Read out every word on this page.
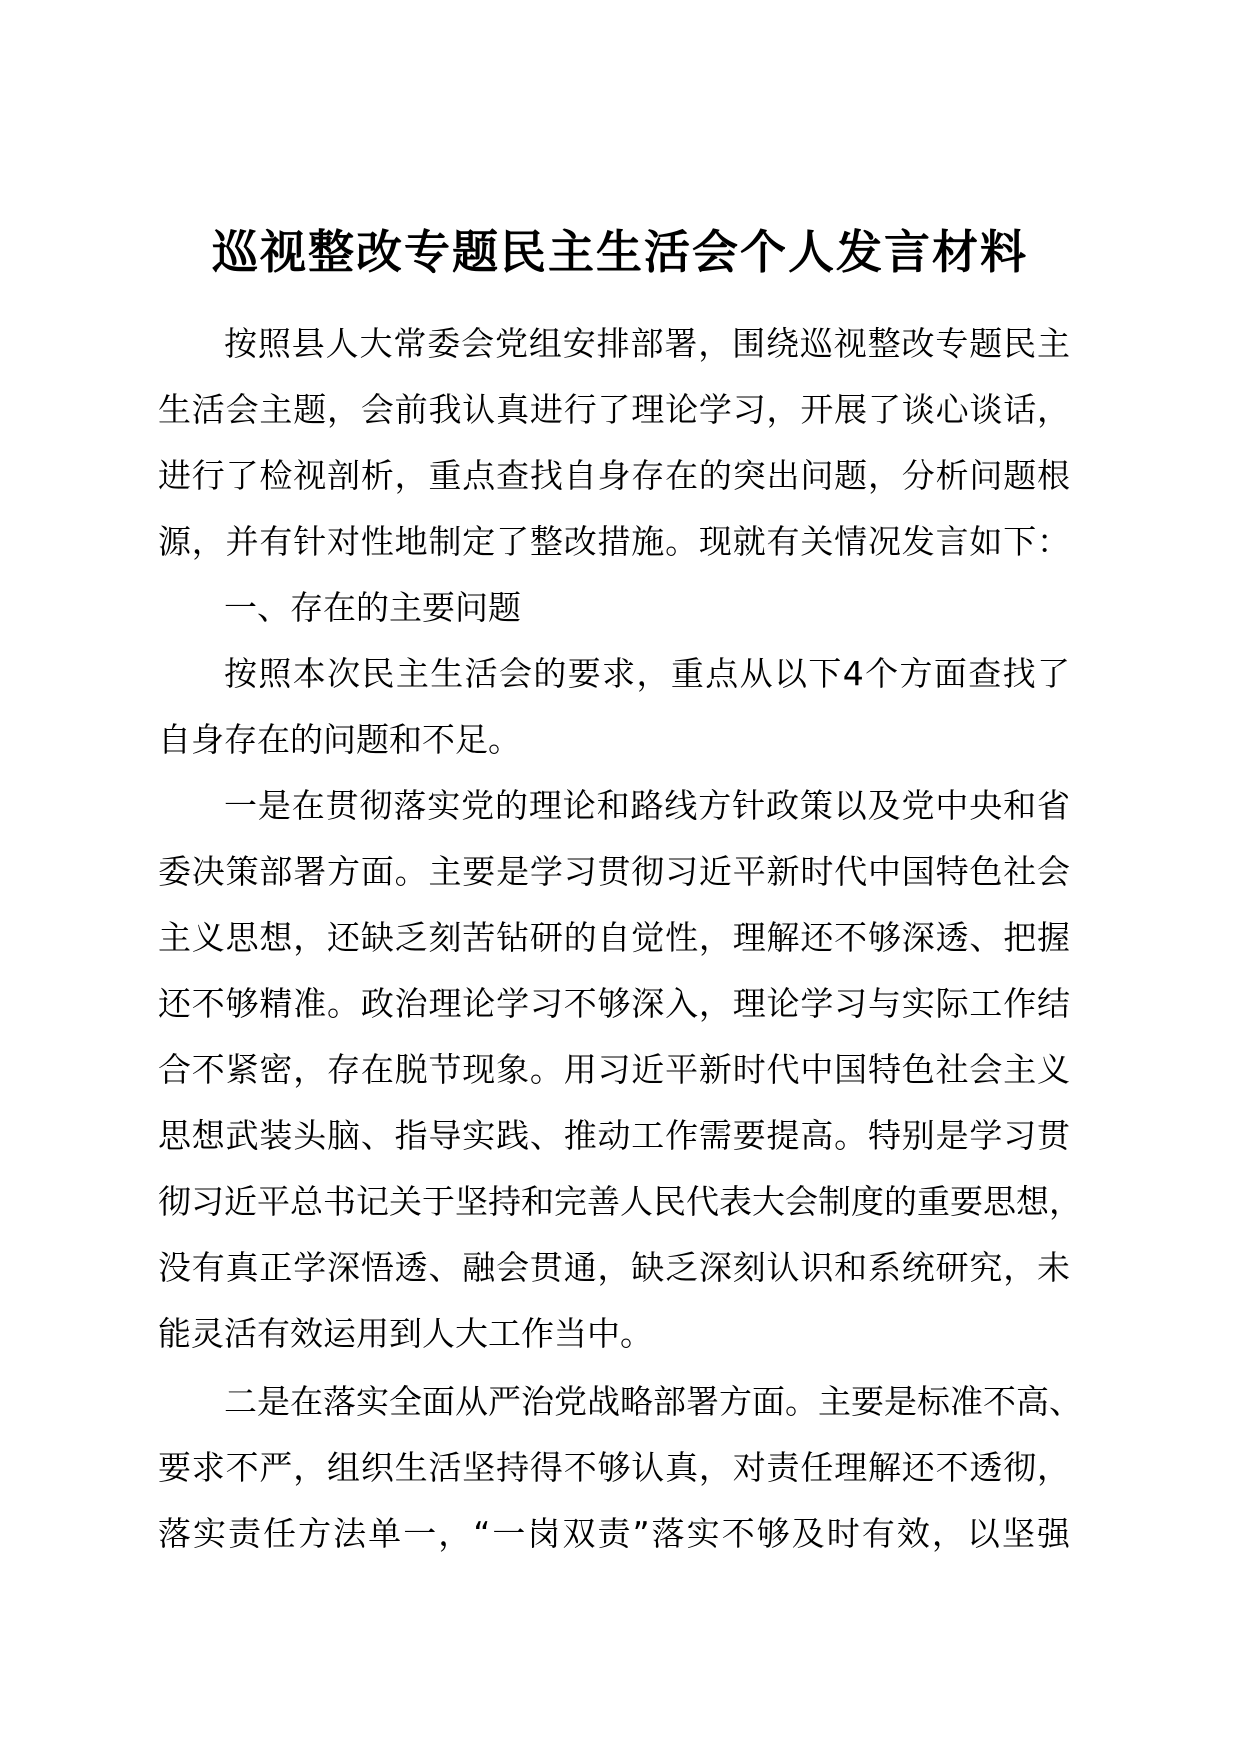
巡视整改专题民主生活会个人发言材料
按照县人大常委会党组安排部署，围绕巡视整改专题民主
生活会主题，会前我认真进行了理论学习，开展了谈心谈话，
进行了检视剖析，重点查找自身存在的突出问题，分析问题根
源，并有针对性地制定了整改措施。现就有关情况发言如下：
一、存在的主要问题
按照本次民主生活会的要求，重点从以下4个方面查找了
自身存在的问题和不足。
一是在贯彻落实党的理论和路线方针政策以及党中央和省
委决策部署方面。主要是学习贯彻习近平新时代中国特色社会
主义思想，还缺乏刻苦钻研的自觉性，理解还不够深透、把握
还不够精准。政治理论学习不够深入，理论学习与实际工作结
合不紧密，存在脱节现象。用习近平新时代中国特色社会主义
思想武装头脑、指导实践、推动工作需要提高。特别是学习贯
彻习近平总书记关于坚持和完善人民代表大会制度的重要思想，
没有真正学深悟透、融会贯通，缺乏深刻认识和系统研究，未
能灵活有效运用到人大工作当中。
二是在落实全面从严治党战略部署方面。主要是标准不高、
要求不严，组织生活坚持得不够认真，对责任理解还不透彻，
落实责任方法单一，“一岗双责”落实不够及时有效，以坚强
